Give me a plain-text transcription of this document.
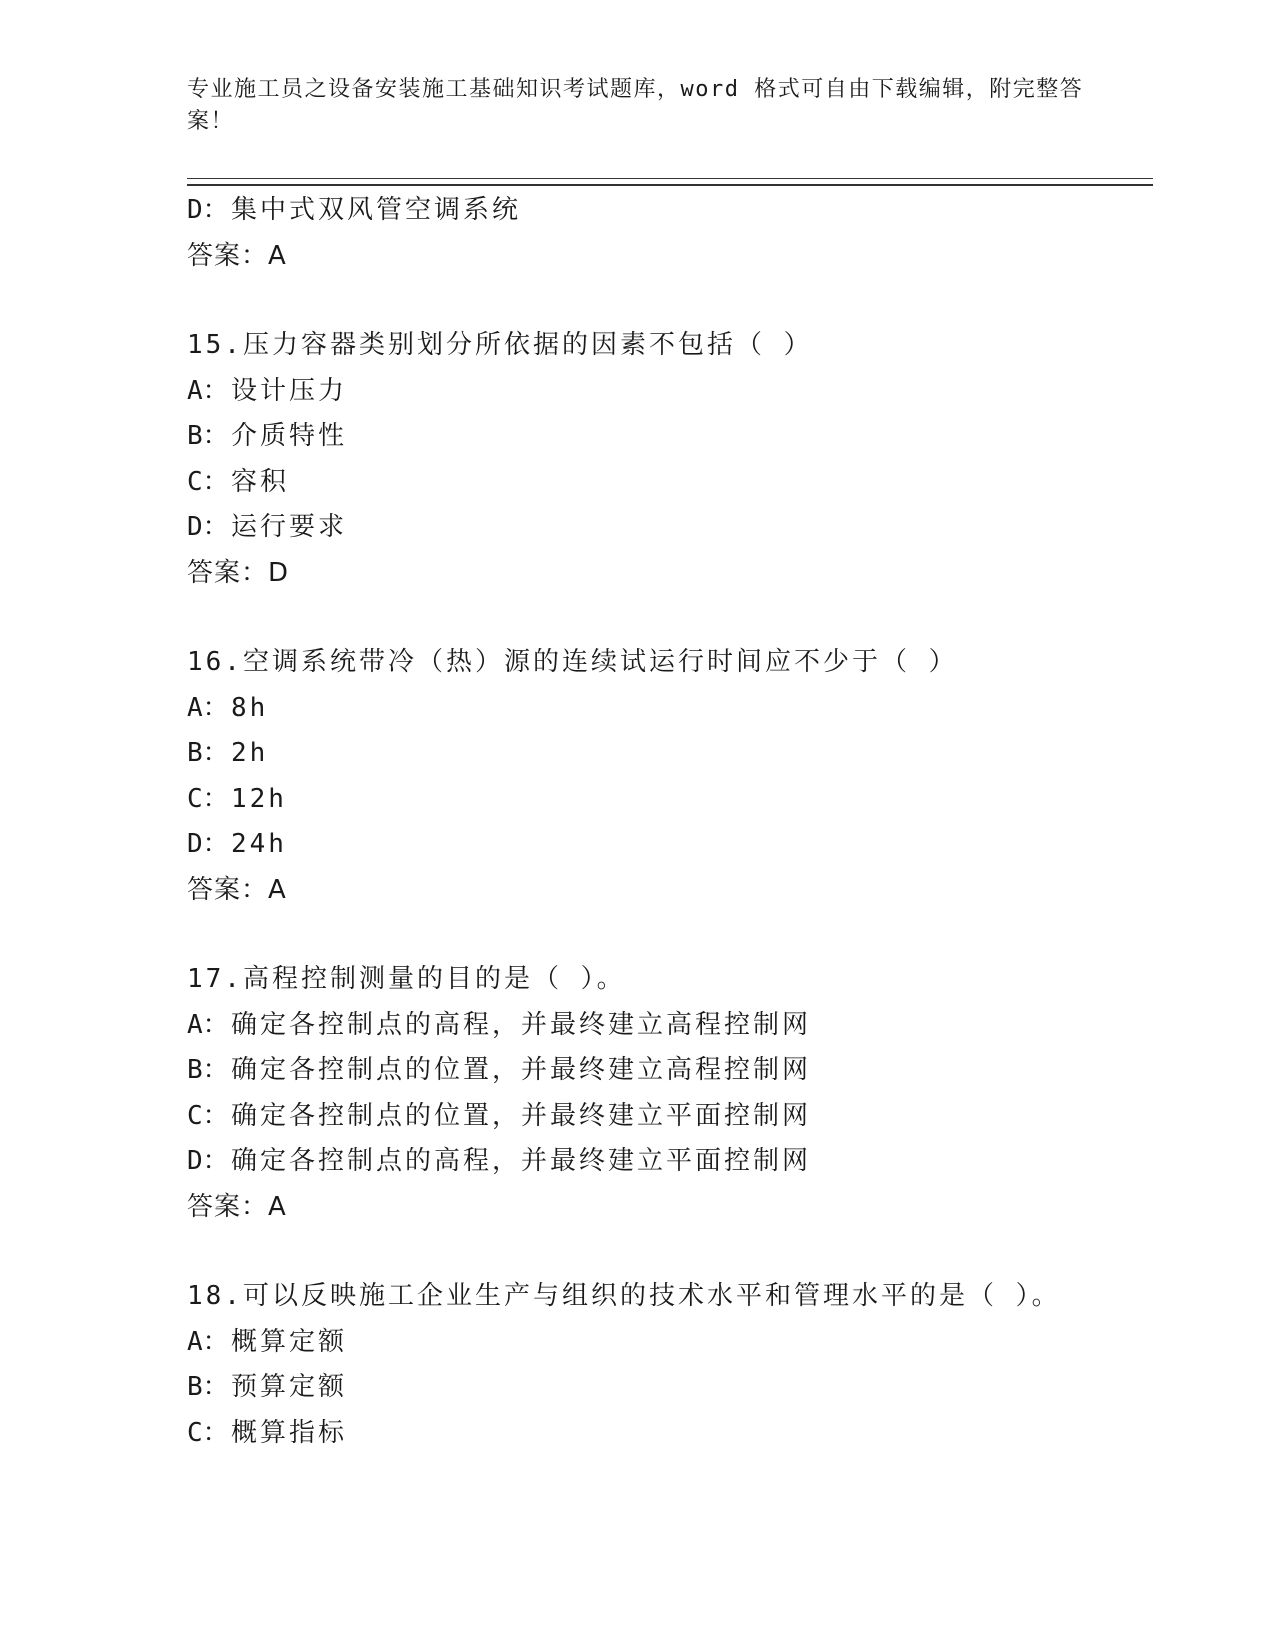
专业施工员之设备安装施工基础知识考试题库，word 格式可自由下载编辑，附完整答案！
D：集中式双风管空调系统
答案：A
15.压力容器类别划分所依据的因素不包括（ ）
A：设计压力
B：介质特性
C：容积
D：运行要求
答案：D
16.空调系统带冷（热）源的连续试运行时间应不少于（ ）
A：8h
B：2h
C：12h
D：24h
答案：A
17.高程控制测量的目的是（ ）。
A：确定各控制点的高程，并最终建立高程控制网
B：确定各控制点的位置，并最终建立高程控制网
C：确定各控制点的位置，并最终建立平面控制网
D：确定各控制点的高程，并最终建立平面控制网
答案：A
18.可以反映施工企业生产与组织的技术水平和管理水平的是（ ）。
A：概算定额
B：预算定额
C：概算指标
